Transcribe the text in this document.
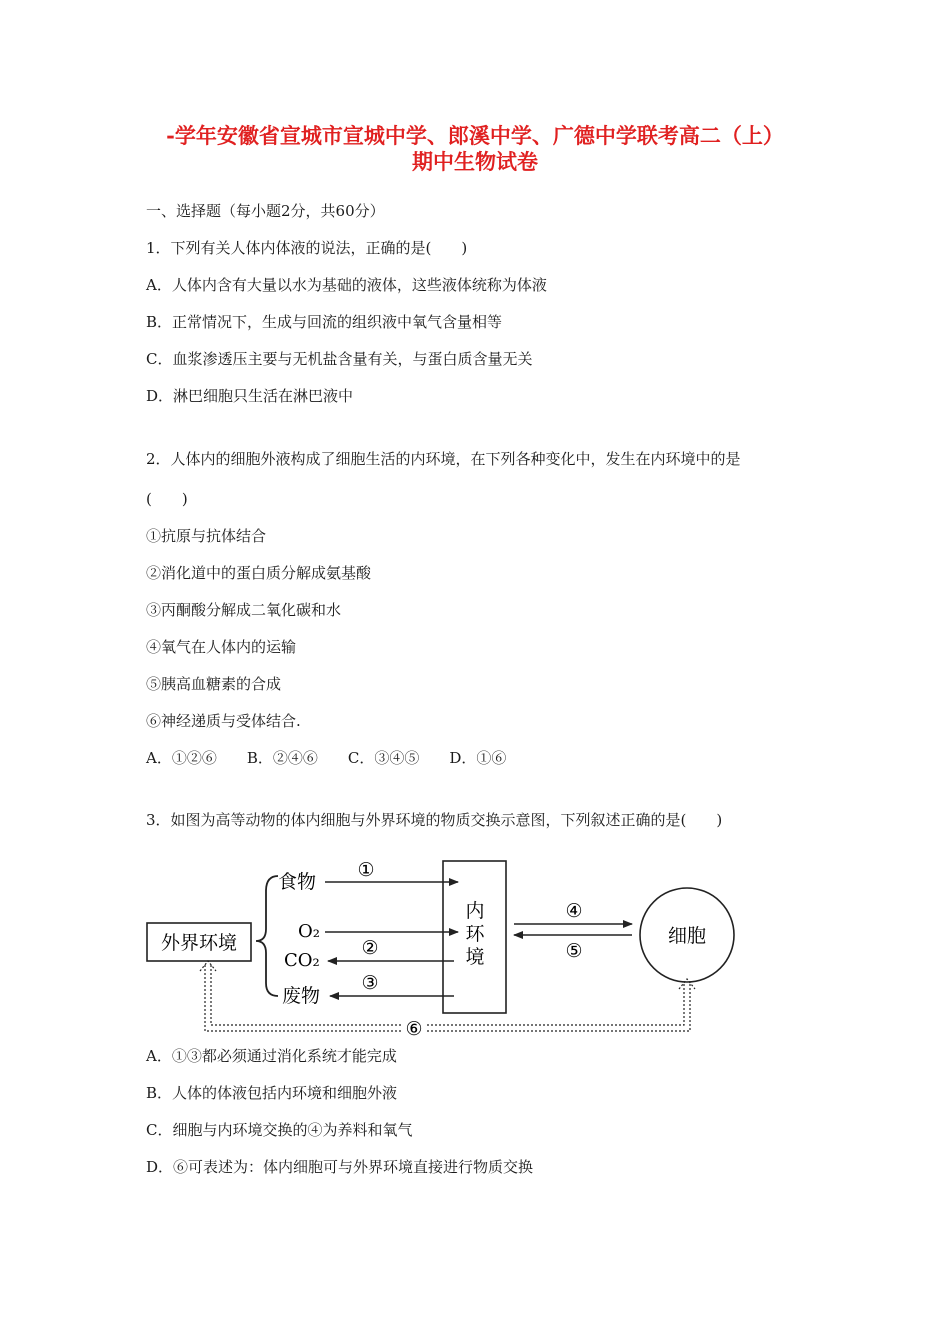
-学年安徽省宣城市宣城中学、郎溪中学、广德中学联考高二（上）
期中生物试卷
一、选择题（每小题2分，共60分）
1．下列有关人体内体液的说法，正确的是(　　)
A．人体内含有大量以水为基础的液体，这些液体统称为体液
B．正常情况下，生成与回流的组织液中氧气含量相等
C．血浆渗透压主要与无机盐含量有关，与蛋白质含量无关
D．淋巴细胞只生活在淋巴液中
2．人体内的细胞外液构成了细胞生活的内环境，在下列各种变化中，发生在内环境中的是
(　　)
①抗原与抗体结合
②消化道中的蛋白质分解成氨基酸
③丙酮酸分解成二氧化碳和水
④氧气在人体内的运输
⑤胰高血糖素的合成
⑥神经递质与受体结合.
A．①②⑥　　B．②④⑥　　C．③④⑤　　D．①⑥
3．如图为高等动物的体内细胞与外界环境的物质交换示意图，下列叙述正确的是(　　)
外界环境
食物
O₂
CO₂
废物
①
②
③
内
环
境
④
⑤
细胞
⑥
A．①③都必须通过消化系统才能完成
B．人体的体液包括内环境和细胞外液
C．细胞与内环境交换的④为养料和氧气
D．⑥可表述为：体内细胞可与外界环境直接进行物质交换
